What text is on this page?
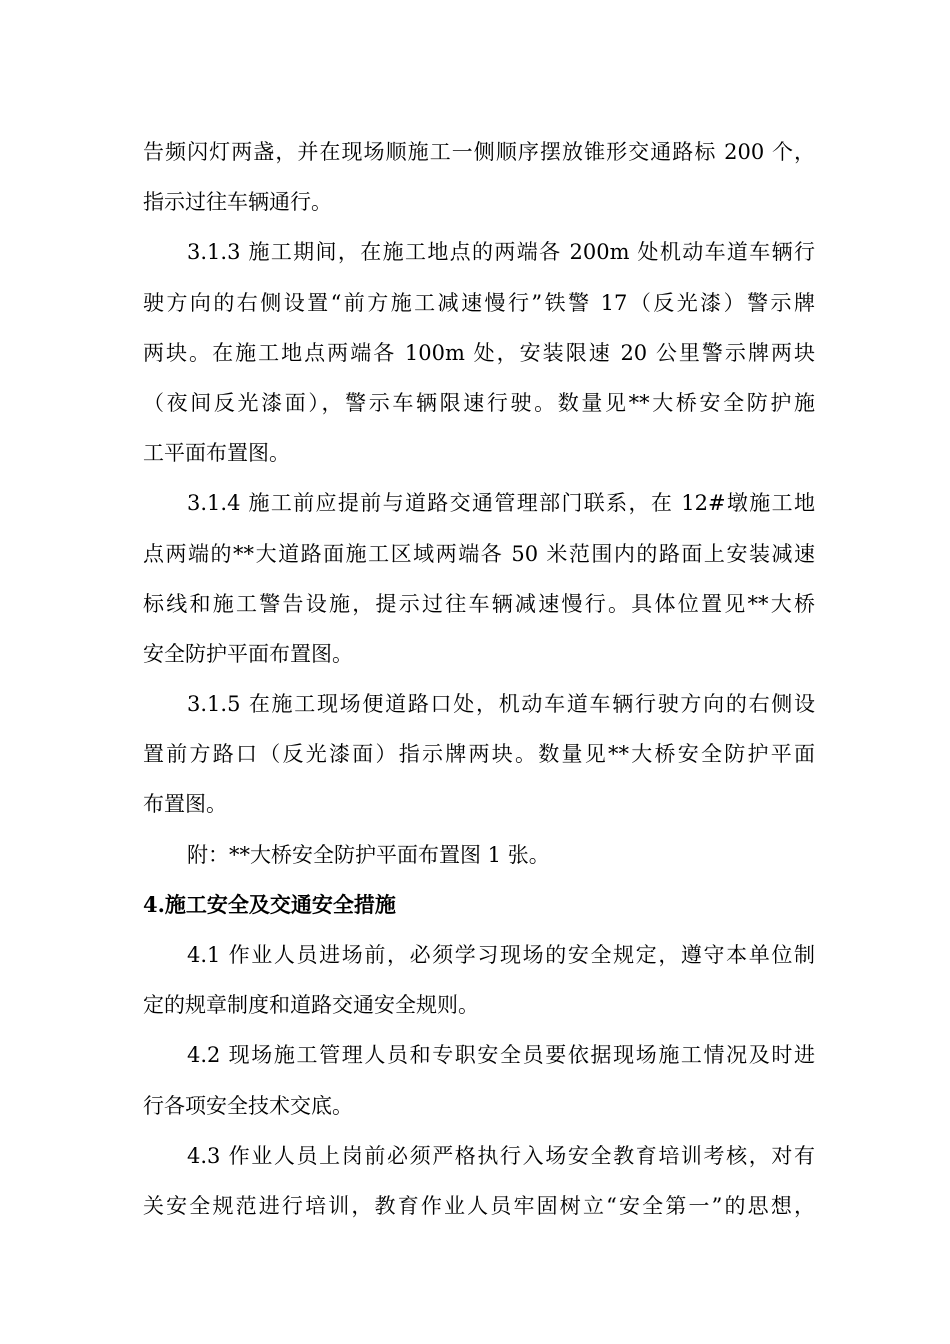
告频闪灯两盏，并在现场顺施工一侧顺序摆放锥形交通路标 200 个，
指示过往车辆通行。
3.1.3 施工期间，在施工地点的两端各 200m 处机动车道车辆行
驶方向的右侧设置“前方施工减速慢行”铁警 17（反光漆）警示牌
两块。在施工地点两端各 100m 处，安装限速 20 公里警示牌两块
（夜间反光漆面），警示车辆限速行驶。数量见**大桥安全防护施
工平面布置图。
3.1.4 施工前应提前与道路交通管理部门联系，在 12#墩施工地
点两端的**大道路面施工区域两端各 50 米范围内的路面上安装减速
标线和施工警告设施，提示过往车辆减速慢行。具体位置见**大桥
安全防护平面布置图。
3.1.5 在施工现场便道路口处，机动车道车辆行驶方向的右侧设
置前方路口（反光漆面）指示牌两块。数量见**大桥安全防护平面
布置图。
附：**大桥安全防护平面布置图 1 张。
4.施工安全及交通安全措施
4.1 作业人员进场前，必须学习现场的安全规定，遵守本单位制
定的规章制度和道路交通安全规则。
4.2 现场施工管理人员和专职安全员要依据现场施工情况及时进
行各项安全技术交底。
4.3 作业人员上岗前必须严格执行入场安全教育培训考核，对有
关安全规范进行培训，教育作业人员牢固树立“安全第一”的思想，
